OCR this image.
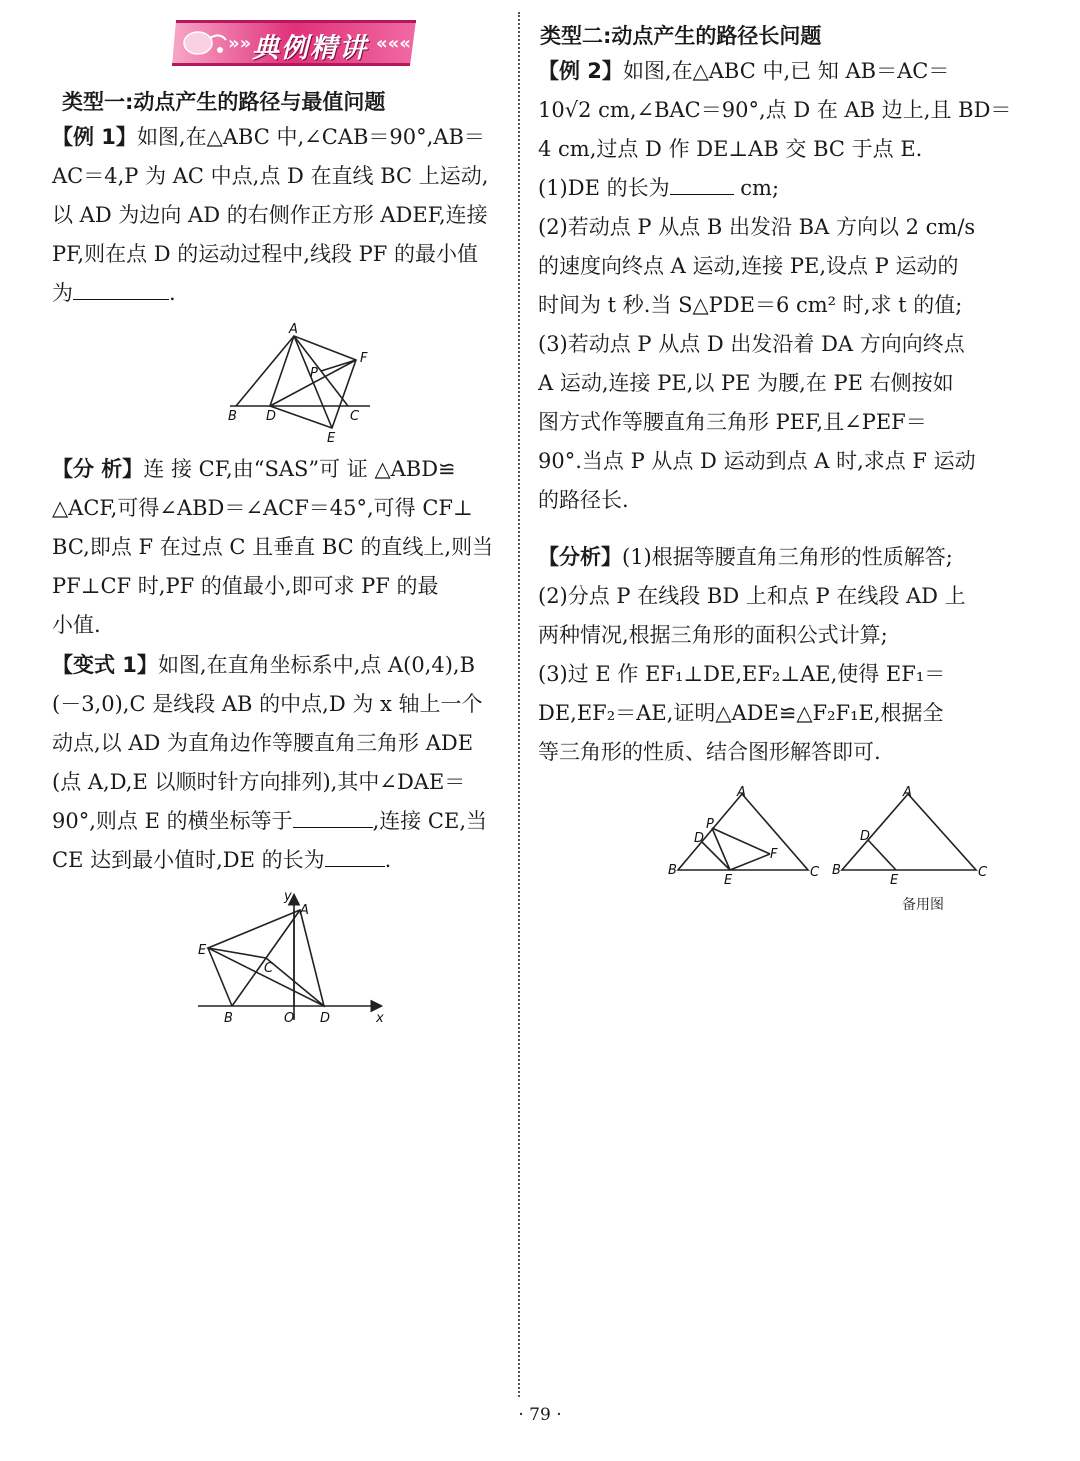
»» 典例精讲 «««
类型一:动点产生的路径与最值问题
【例 1】如图,在△ABC 中,∠CAB＝90°,AB＝
AC＝4,P 为 AC 中点,点 D 在直线 BC 上运动,
以 AD 为边向 AD 的右侧作正方形 ADEF,连接
PF,则在点 D 的运动过程中,线段 PF 的最小值
为	.
A
F
P
B D	C
E
【分 析】连 接 CF,由“SAS”可 证 △ABD≌
△ACF,可得∠ABD＝∠ACF＝45°,可得 CF⊥
BC,即点 F 在过点 C 且垂直 BC 的直线上,则当
PF⊥CF 时,PF 的值最小,即可求 PF 的最
小值.
【变式 1】如图,在直角坐标系中,点 A(0,4),B
(－3,0),C 是线段 AB 的中点,D 为 x 轴上一个
动点,以 AD 为直角边作等腰直角三角形 ADE
(点 A,D,E 以顺时针方向排列),其中∠DAE＝
90°,则点 E 的横坐标等于	,连接 CE,当
CE 达到最小值时,DE 的长为	.
y
A
E
C
B	O D	x
类型二:动点产生的路径长问题
【例 2】如图,在△ABC 中,已 知 AB＝AC＝
10√2 cm,∠BAC＝90°,点 D 在 AB 边上,且 BD＝
4 cm,过点 D 作 DE⊥AB 交 BC 于点 E.
(1)DE 的长为	cm;
(2)若动点 P 从点 B 出发沿 BA 方向以 2 cm/s
的速度向终点 A 运动,连接 PE,设点 P 运动的
时间为 t 秒.当 S△PDE＝6 cm² 时,求 t 的值;
(3)若动点 P 从点 D 出发沿着 DA 方向向终点
A 运动,连接 PE,以 PE 为腰,在 PE 右侧按如
图方式作等腰直角三角形 PEF,且∠PEF＝
90°.当点 P 从点 D 运动到点 A 时,求点 F 运动
的路径长.
【分析】(1)根据等腰直角三角形的性质解答;
(2)分点 P 在线段 BD 上和点 P 在线段 AD 上
两种情况,根据三角形的面积公式计算;
(3)过 E 作 EF₁⊥DE,EF₂⊥AE,使得 EF₁＝
DE,EF₂＝AE,证明△ADE≌△F₂F₁E,根据全
等三角形的性质、结合图形解答即可.
A
P
D
F
B
E
C
A
D
B
E
C
备用图
· 79 ·
